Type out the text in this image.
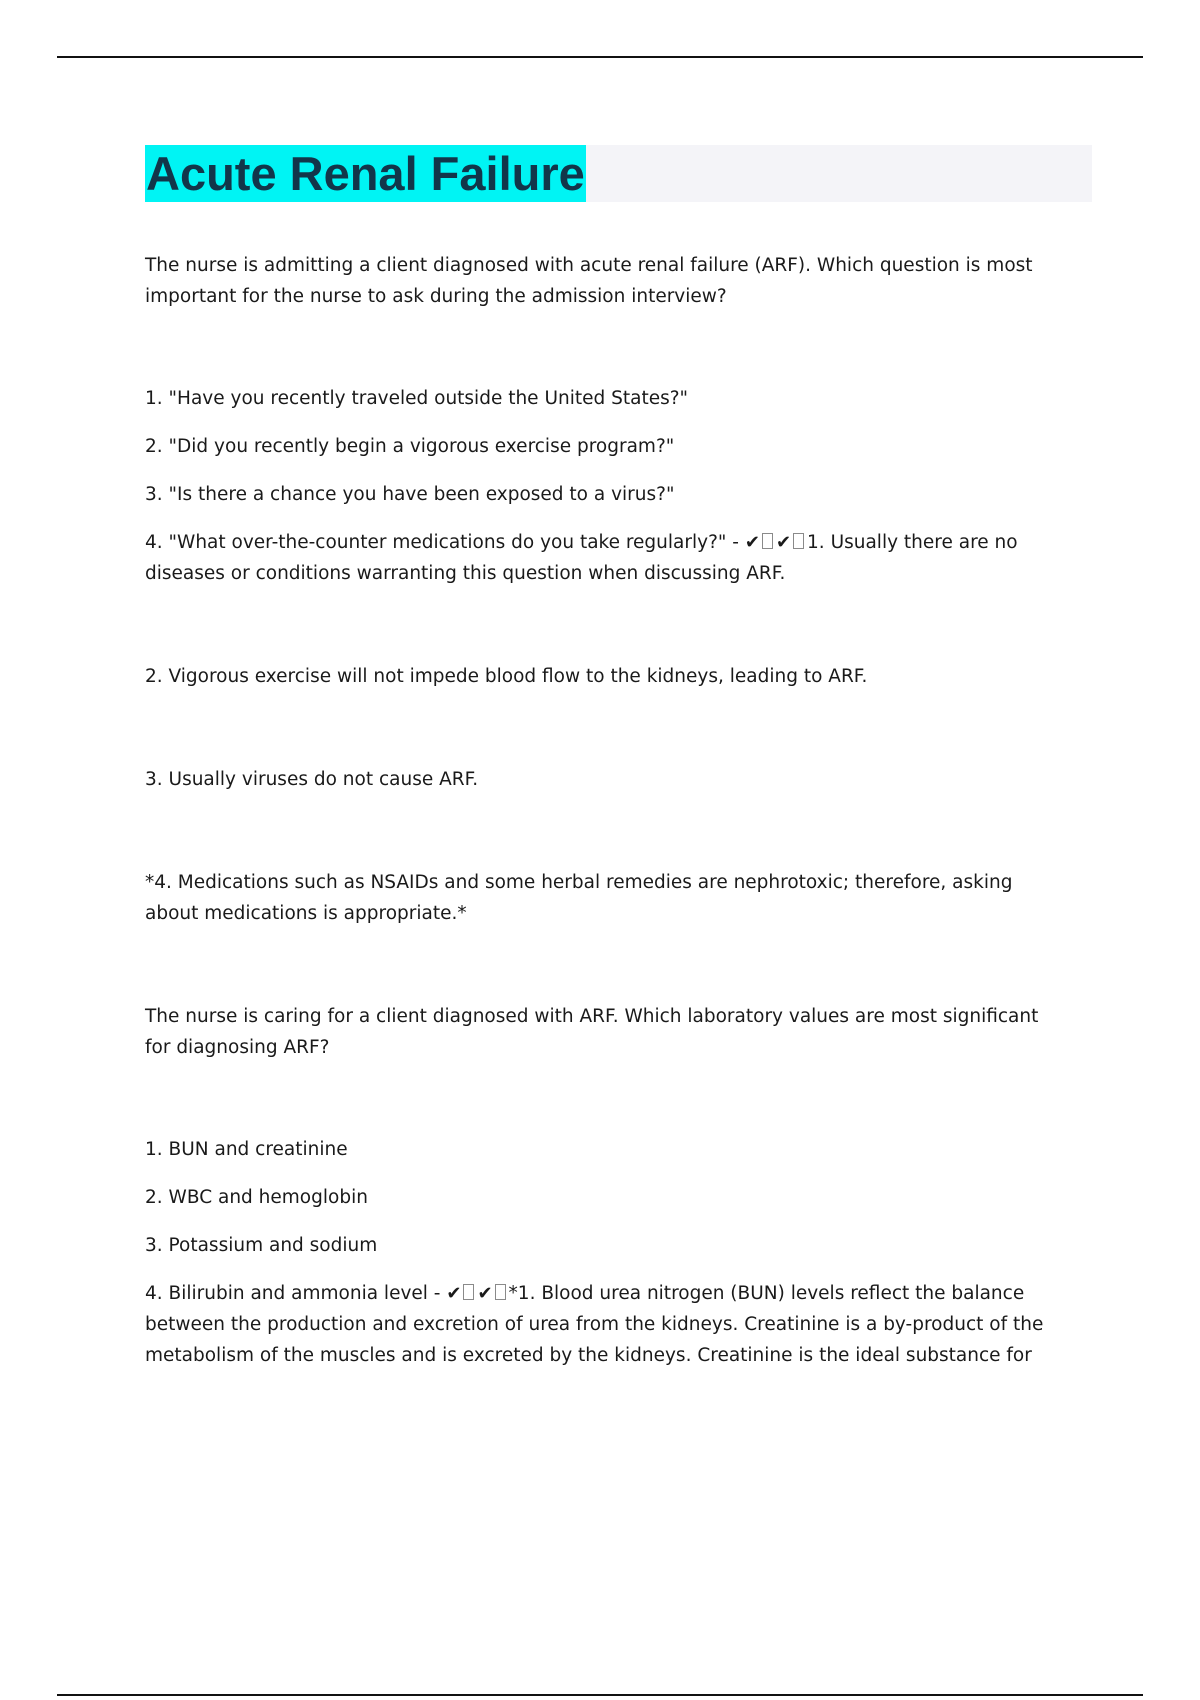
Acute Renal Failure

The nurse is admitting a client diagnosed with acute renal failure (ARF). Which question is most important for the nurse to ask during the admission interview?

1. "Have you recently traveled outside the United States?"

2. "Did you recently begin a vigorous exercise program?"

3. "Is there a chance you have been exposed to a virus?"

4. "What over-the-counter medications do you take regularly?" - ✔ ✔ 1. Usually there are no diseases or conditions warranting this question when discussing ARF.

2. Vigorous exercise will not impede blood flow to the kidneys, leading to ARF.

3. Usually viruses do not cause ARF.

*4. Medications such as NSAIDs and some herbal remedies are nephrotoxic; therefore, asking about medications is appropriate.*

The nurse is caring for a client diagnosed with ARF. Which laboratory values are most significant for diagnosing ARF?

1. BUN and creatinine

2. WBC and hemoglobin

3. Potassium and sodium

4. Bilirubin and ammonia level - ✔ ✔ *1. Blood urea nitrogen (BUN) levels reflect the balance between the production and excretion of urea from the kidneys. Creatinine is a by-product of the metabolism of the muscles and is excreted by the kidneys. Creatinine is the ideal substance for
